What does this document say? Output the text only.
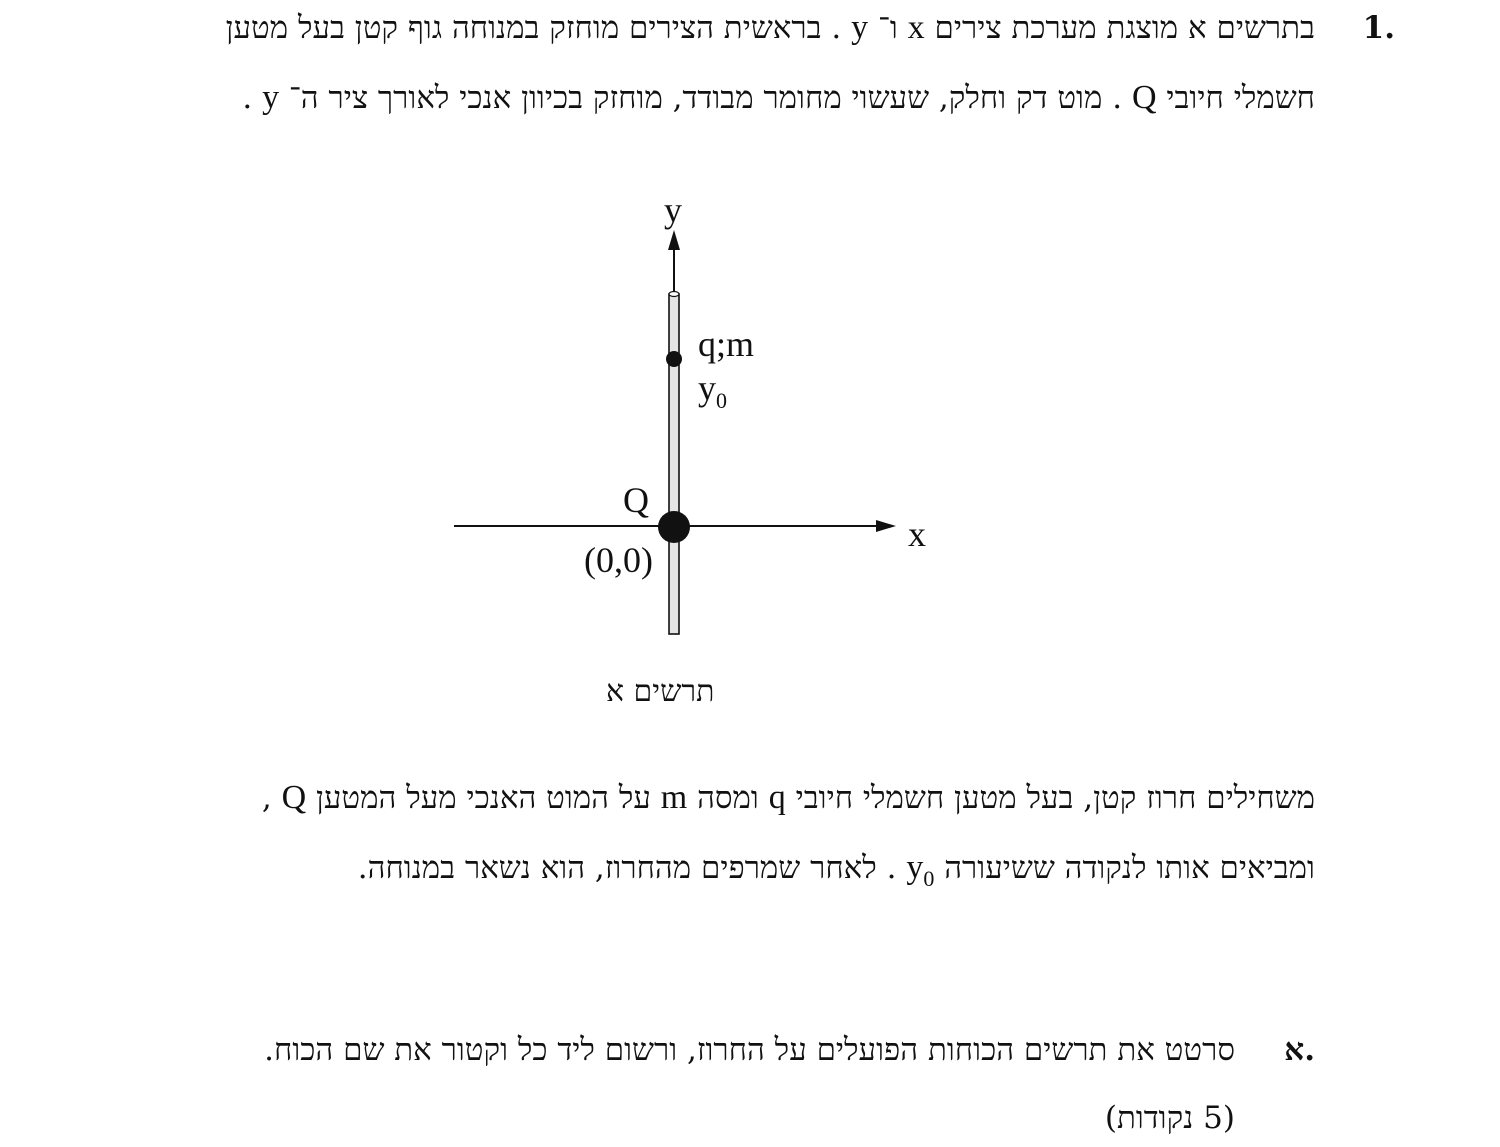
1.
בתרשים א מוצגת מערכת צירים x ו־ y . בראשית הצירים מוחזק במנוחה גוף קטן בעל מטען
חשמלי חיובי Q . מוט דק וחלק, שעשוי מחומר מבודד, מוחזק בכיוון אנכי לאורך ציר ה־ y .
y
x
q;m
$y_0$
Q
(0,0)
תרשים א
משחילים חרוז קטן, בעל מטען חשמלי חיובי q ומסה m על המוט האנכי מעל המטען Q ,
ומביאים אותו לנקודה ששיעורה $y_0$ . לאחר שמרפים מהחרוז, הוא נשאר במנוחה.
א.
סרטט את תרשים הכוחות הפועלים על החרוז, ורשום ליד כל וקטור את שם הכוח.
(5 נקודות)
